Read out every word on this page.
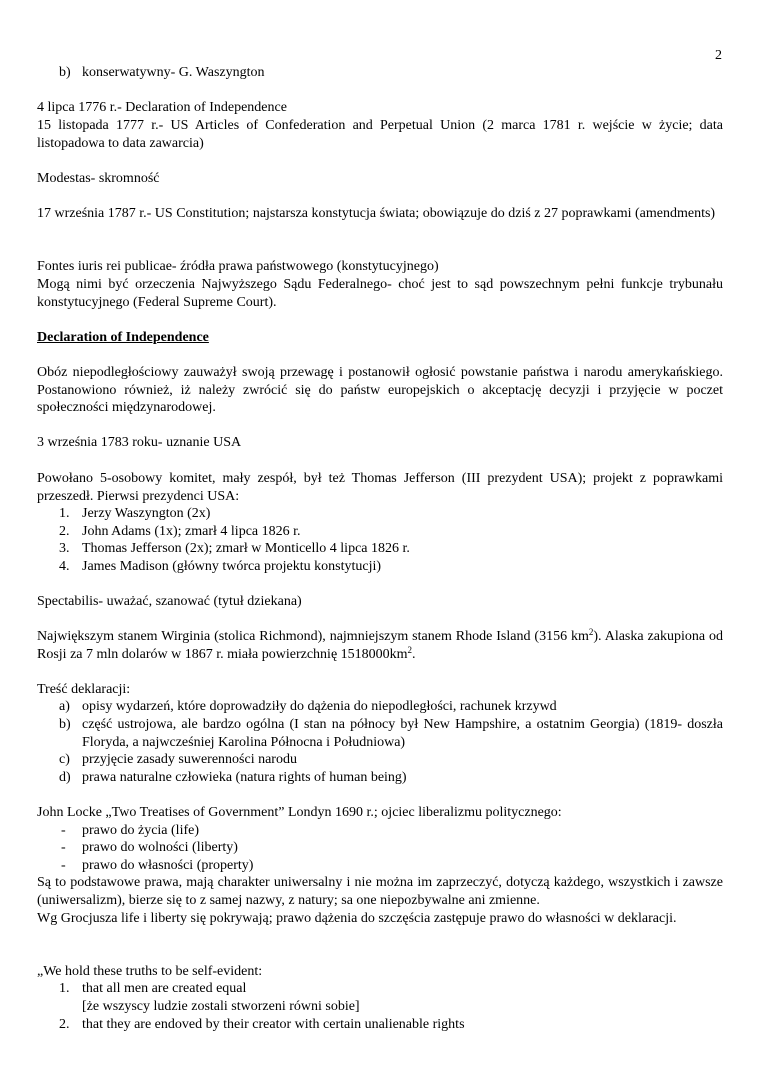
2
b) konserwatywny- G. Waszyngton

4 lipca 1776 r.- Declaration of Independence

15 listopada 1777 r.- US Articles of Confederation and Perpetual Union (2 marca 1781 r. wejście w życie; data listopadowa to data zawarcia)

Modestas- skromność

17 września 1787 r.- US Constitution; najstarsza konstytucja świata; obowiązuje do dziś z 27 poprawkami (amendments)

Fontes iuris rei publicae- źródła prawa państwowego (konstytucyjnego)

Mogą nimi być orzeczenia Najwyższego Sądu Federalnego- choć jest to sąd powszechnym pełni funkcje trybunału konstytucyjnego (Federal Supreme Court).

Declaration of Independence

Obóz niepodległościowy zauważył swoją przewagę i postanowił ogłosić powstanie państwa i narodu amerykańskiego. Postanowiono również, iż należy zwrócić się do państw europejskich o akceptację decyzji i przyjęcie w poczet społeczności międzynarodowej.

3 września 1783 roku- uznanie USA

Powołano 5-osobowy komitet, mały zespół, był też Thomas Jefferson (III prezydent USA); projekt z poprawkami przeszedł. Pierwsi prezydenci USA:

1. Jerzy Waszyngton (2x)
2. John Adams (1x); zmarł 4 lipca 1826 r.
3. Thomas Jefferson (2x); zmarł w Monticello 4 lipca 1826 r.
4. James Madison (główny twórca projektu konstytucji)

Spectabilis- uważać, szanować (tytuł dziekana)

Największym stanem Wirginia (stolica Richmond), najmniejszym stanem Rhode Island (3156 $km^2$). Alaska zakupiona od Rosji za 7 mln dolarów w 1867 r. miała powierzchnię $1518000km^2$.

Treść deklaracji:

a) opisy wydarzeń, które doprowadziły do dążenia do niepodległości, rachunek krzywd
b) część ustrojowa, ale bardzo ogólna (I stan na północy był New Hampshire, a ostatnim Georgia) (1819- doszła Floryda, a najwcześniej Karolina Północna i Południowa)
c) przyjęcie zasady suwerenności narodu
d) prawa naturalne człowieka (natura rights of human being)

John Locke „Two Treatises of Government” Londyn 1690 r.; ojciec liberalizmu politycznego:

- prawo do życia (life)
- prawo do wolności (liberty)
- prawo do własności (property)

Są to podstawowe prawa, mają charakter uniwersalny i nie można im zaprzeczyć, dotyczą każdego, wszystkich i zawsze (uniwersalizm), bierze się to z samej nazwy, z natury; sa one niepozbywalne ani zmienne.

Wg Grocjusza life i liberty się pokrywają; prawo dążenia do szczęścia zastępuje prawo do własności w deklaracji.

„We hold these truths to be self-evident:

1. that all men are created equal
[że wszyscy ludzie zostali stworzeni równi sobie]
2. that they are endoved by their creator with certain unalienable rights
